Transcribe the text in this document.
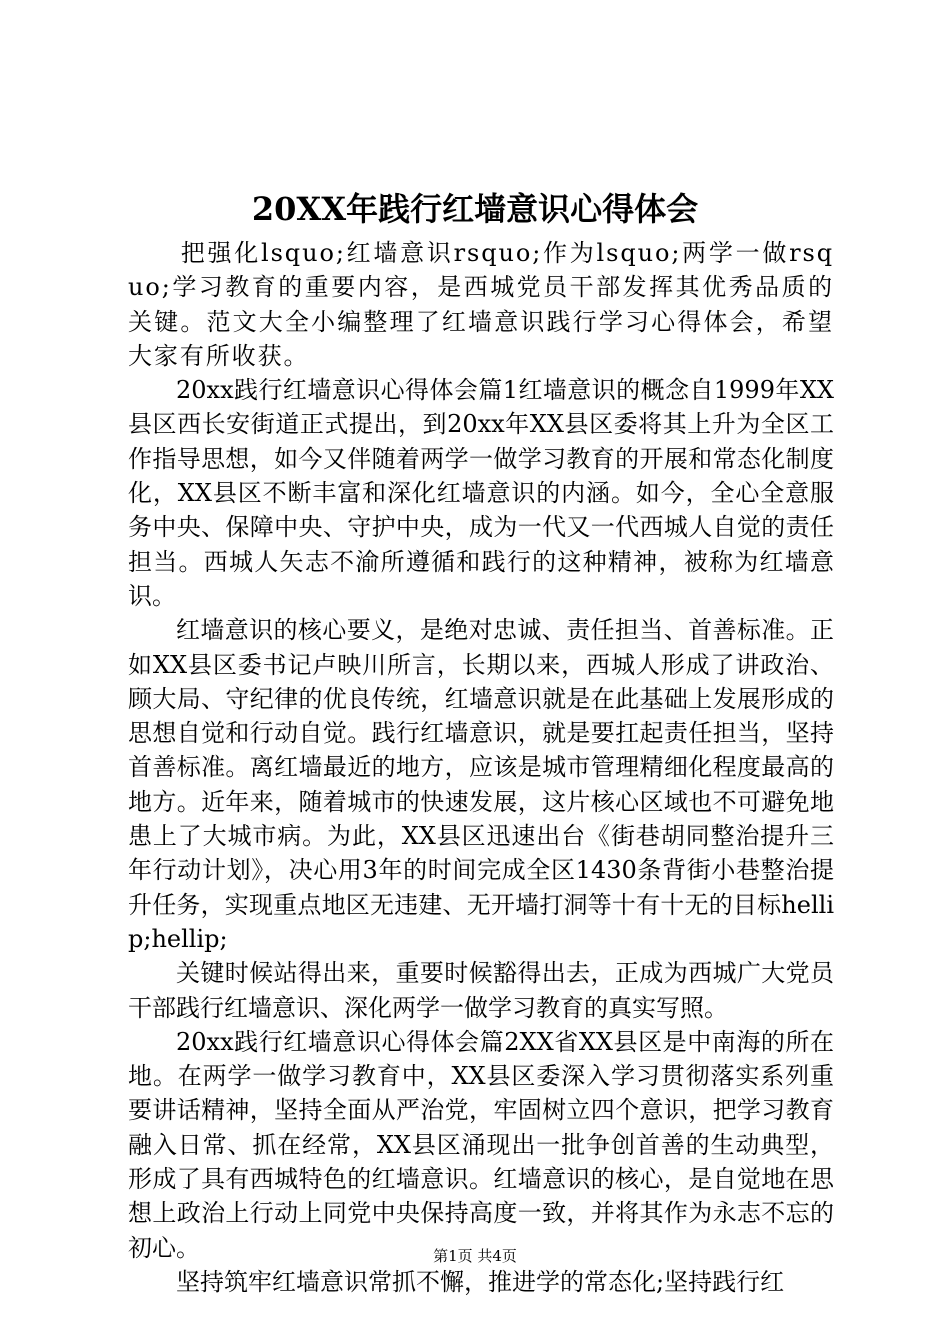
20XX年践行红墙意识心得体会

把强化lsquo;红墙意识rsquo;作为lsquo;两学一做rsquo;学习教育的重要内容，是西城党员干部发挥其优秀品质的关键。范文大全小编整理了红墙意识践行学习心得体会，希望大家有所收获。

20xx践行红墙意识心得体会篇1红墙意识的概念自1999年XX县区西长安街道正式提出，到20xx年XX县区委将其上升为全区工作指导思想，如今又伴随着两学一做学习教育的开展和常态化制度化，XX县区不断丰富和深化红墙意识的内涵。如今，全心全意服务中央、保障中央、守护中央，成为一代又一代西城人自觉的责任担当。西城人矢志不渝所遵循和践行的这种精神，被称为红墙意识。

红墙意识的核心要义，是绝对忠诚、责任担当、首善标准。正如XX县区委书记卢映川所言，长期以来，西城人形成了讲政治、顾大局、守纪律的优良传统，红墙意识就是在此基础上发展形成的思想自觉和行动自觉。践行红墙意识，就是要扛起责任担当，坚持首善标准。离红墙最近的地方，应该是城市管理精细化程度最高的地方。近年来，随着城市的快速发展，这片核心区域也不可避免地患上了大城市病。为此，XX县区迅速出台《街巷胡同整治提升三年行动计划》，决心用3年的时间完成全区1430条背街小巷整治提升任务，实现重点地区无违建、无开墙打洞等十有十无的目标hellip;hellip;

关键时候站得出来，重要时候豁得出去，正成为西城广大党员干部践行红墙意识、深化两学一做学习教育的真实写照。

20xx践行红墙意识心得体会篇2XX省XX县区是中南海的所在地。在两学一做学习教育中，XX县区委深入学习贯彻落实系列重要讲话精神，坚持全面从严治党，牢固树立四个意识，把学习教育融入日常、抓在经常，XX县区涌现出一批争创首善的生动典型，形成了具有西城特色的红墙意识。红墙意识的核心，是自觉地在思想上政治上行动上同党中央保持高度一致，并将其作为永志不忘的初心。

坚持筑牢红墙意识常抓不懈，推进学的常态化;坚持践行红

第1页 共4页
